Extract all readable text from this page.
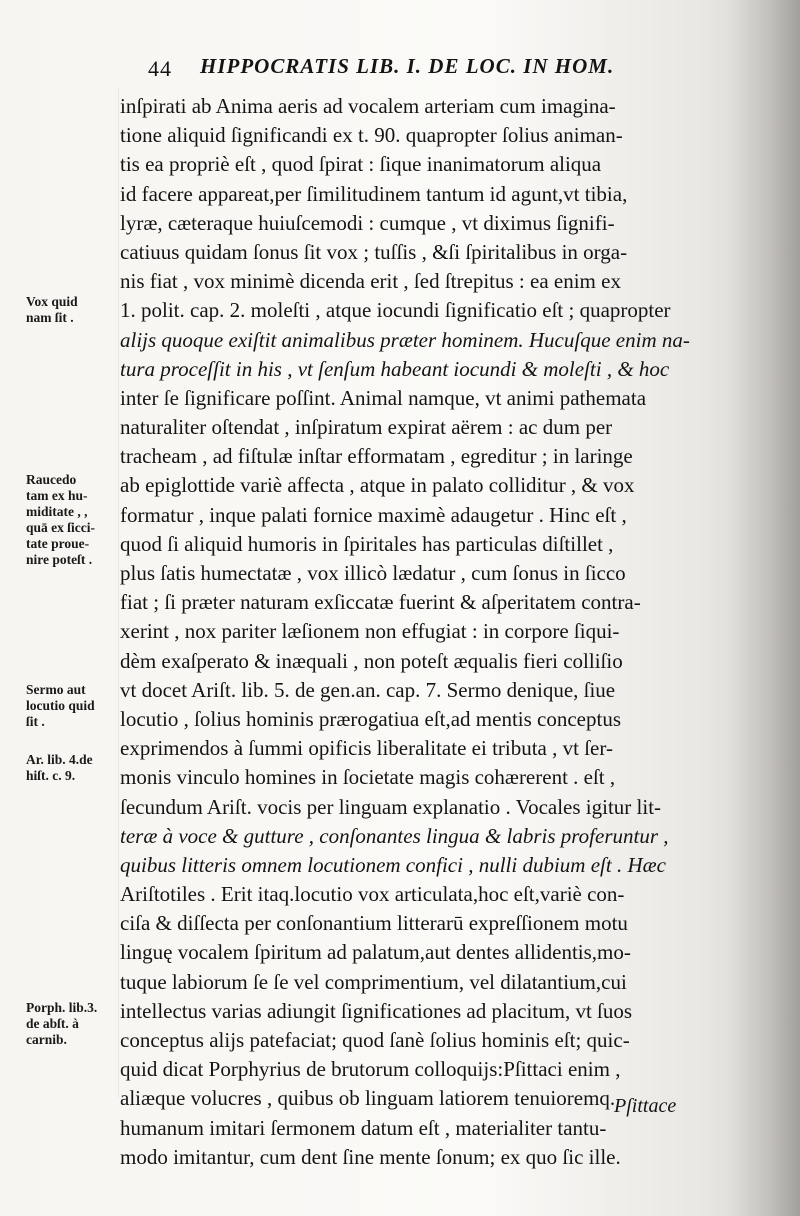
44 HIPPOCRATIS LIB. I. DE LOC. IN HOM.
inſpirati ab Anima aeris ad vocalem arteriam cum imagina-
tione aliquid ſignificandi ex t. 90. quapropter ſolius animan-
tis ea propriè eſt , quod ſpirat : ſique inanimatorum aliqua
id facere appareat,per ſimilitudinem tantum id agunt,vt tibia,
lyræ, cæteraque huiuſcemodi : cumque , vt diximus ſignifi-
catiuus quidam ſonus ſit vox ; tuſſis , &ſi ſpiritalibus in orga-
nis fiat , vox minimè dicenda erit , ſed ſtrepitus : ea enim ex
1. polit. cap. 2. moleſti , atque iocundi ſignificatio eſt ; quapropter
alijs quoque exiſtit animalibus præter hominem. Hucuſque enim na-
tura proceſſit in his , vt ſenſum habeant iocundi & moleſti , & hoc
inter ſe ſignificare poſſint. Animal namque, vt animi pathemata
naturaliter oſtendat , inſpiratum expirat aërem : ac dum per
tracheam , ad fiſtulæ inſtar efformatam , egreditur ; in laringe
ab epiglottide variè affecta , atque in palato colliditur , & vox
formatur , inque palati fornice maximè adaugetur . Hinc eſt ,
quod ſi aliquid humoris in ſpiritales has particulas diſtillet ,
plus ſatis humectatæ , vox illicò lædatur , cum ſonus in ſicco
fiat ; ſi præter naturam exſiccatæ fuerint & aſperitatem contra-
xerint , nox pariter læſionem non effugiat : in corpore ſiqui-
dèm exaſperato & inæquali , non poteſt æqualis fieri colliſio
vt docet Ariſt. lib. 5. de gen.an. cap. 7. Sermo denique, ſiue
locutio , ſolius hominis prærogatiua eſt,ad mentis conceptus
exprimendos à ſummi opificis liberalitate ei tributa , vt ſer-
monis vinculo homines in ſocietate magis cohærerent . eſt ,
ſecundum Ariſt. vocis per linguam explanatio . Vocales igitur lit-
teræ à voce & gutture , conſonantes lingua & labris proferuntur ,
quibus litteris omnem locutionem confici , nulli dubium eſt . Hæc
Ariſtotiles . Erit itaq.locutio vox articulata,hoc eſt,variè con-
ciſa & diſſecta per conſonantium litterarū expreſſionem motu
linguę vocalem ſpiritum ad palatum,aut dentes allidentis,mo-
tuque labiorum ſe ſe vel comprimentium, vel dilatantium,cui
intellectus varias adiungit ſignificationes ad placitum, vt ſuos
conceptus alijs patefaciat; quod ſanè ſolius hominis eſt; quic-
quid dicat Porphyrius de brutorum colloquijs:Pſittaci enim ,
aliæque volucres , quibus ob linguam latiorem tenuioremq.
humanum imitari ſermonem datum eſt , materialiter tantu-
modo imitantur, cum dent ſine mente ſonum; ex quo ſic ille.
Vox quid
nam ſit .
Raucedo
tam ex hu-
miditate , ,
quā ex ſicci-
tate proue-
nire poteſt .
Sermo aut
locutio quid
ſit .
Ar. lib. 4.de
hiſt. c. 9.
Porph. lib.3.
de abſt. à
carnib.
Pſittace
